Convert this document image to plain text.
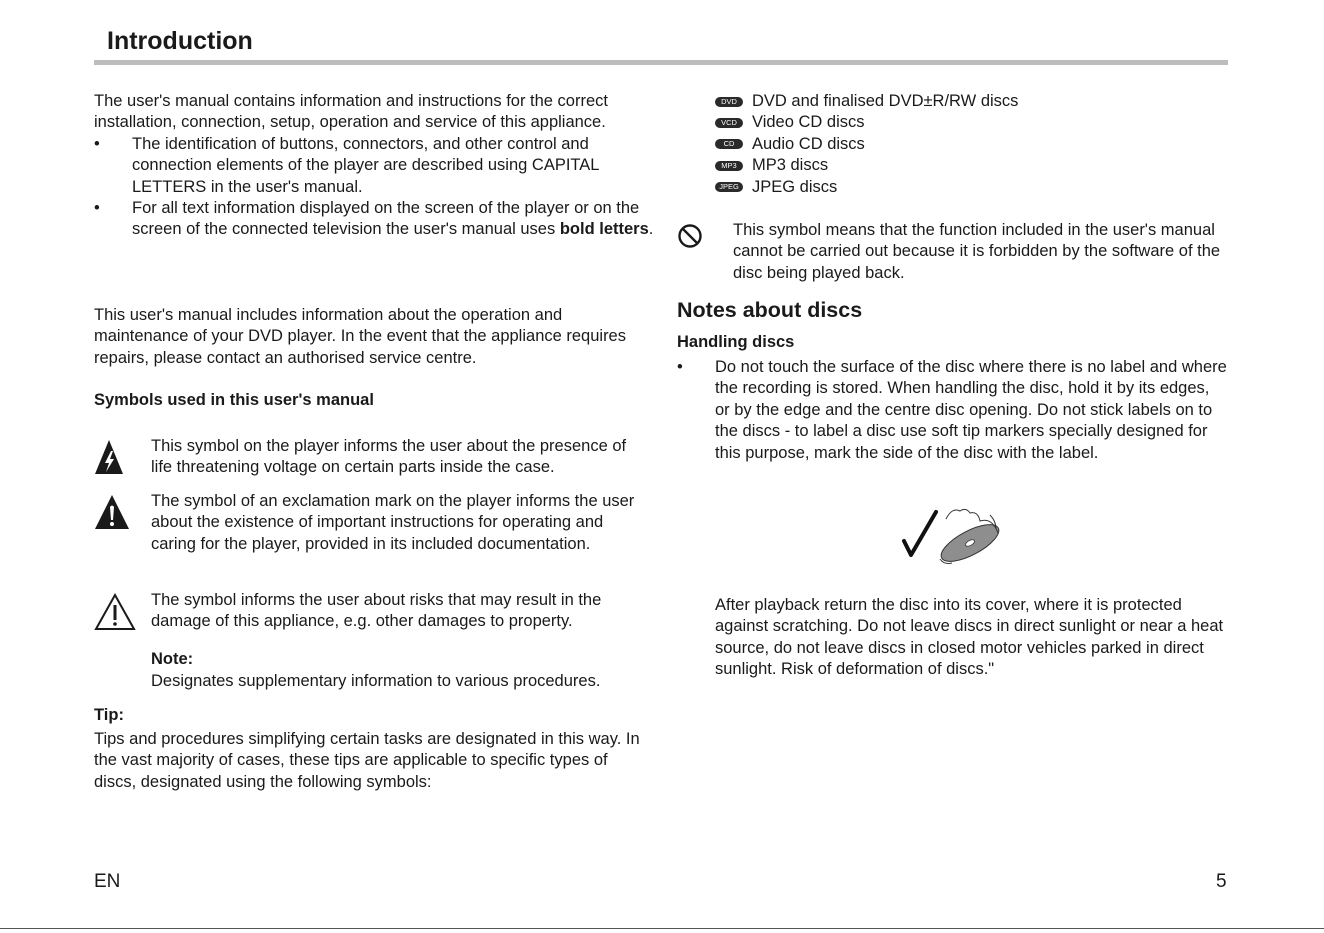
Introduction

The user's manual contains information and instructions for the correct installation, connection, setup, operation and service of this appliance.

• The identification of buttons, connectors, and other control and connection elements of the player are described using CAPITAL LETTERS in the user's manual.
• For all text information displayed on the screen of the player or on the screen of the connected television the user's manual uses bold letters.

This user's manual includes information about the operation and maintenance of your DVD player. In the event that the appliance requires repairs, please contact an authorised service centre.

Symbols used in this user's manual

This symbol on the player informs the user about the presence of life threatening voltage on certain parts inside the case.

The symbol of an exclamation mark on the player informs the user about the existence of important instructions for operating and caring for the player, provided in its included documentation.

The symbol informs the user about risks that may result in the damage of this appliance, e.g. other damages to property.

Note:

Designates supplementary information to various procedures.

Tip:

Tips and procedures simplifying certain tasks are designated in this way. In the vast majority of cases, these tips are applicable to specific types of discs, designated using the following symbols:

DVD DVD and finalised DVD±R/RW discs
VCD Video CD discs
CD	Audio CD discs
MP3 MP3 discs
JPEG JPEG discs

This symbol means that the function included in the user's manual cannot be carried out because it is forbidden by the software of the disc being played back.

Notes about discs

Handling discs

• Do not touch the surface of the disc where there is no label and where the recording is stored. When handling the disc, hold it by its edges, or by the edge and the centre disc opening. Do not stick labels on to the discs - to label a disc use soft tip markers specially designed for this purpose, mark the side of the disc with the label.

After playback return the disc into its cover, where it is protected against scratching. Do not leave discs in direct sunlight or near a heat source, do not leave discs in closed motor vehicles parked in direct sunlight. Risk of deformation of discs."

EN	5
